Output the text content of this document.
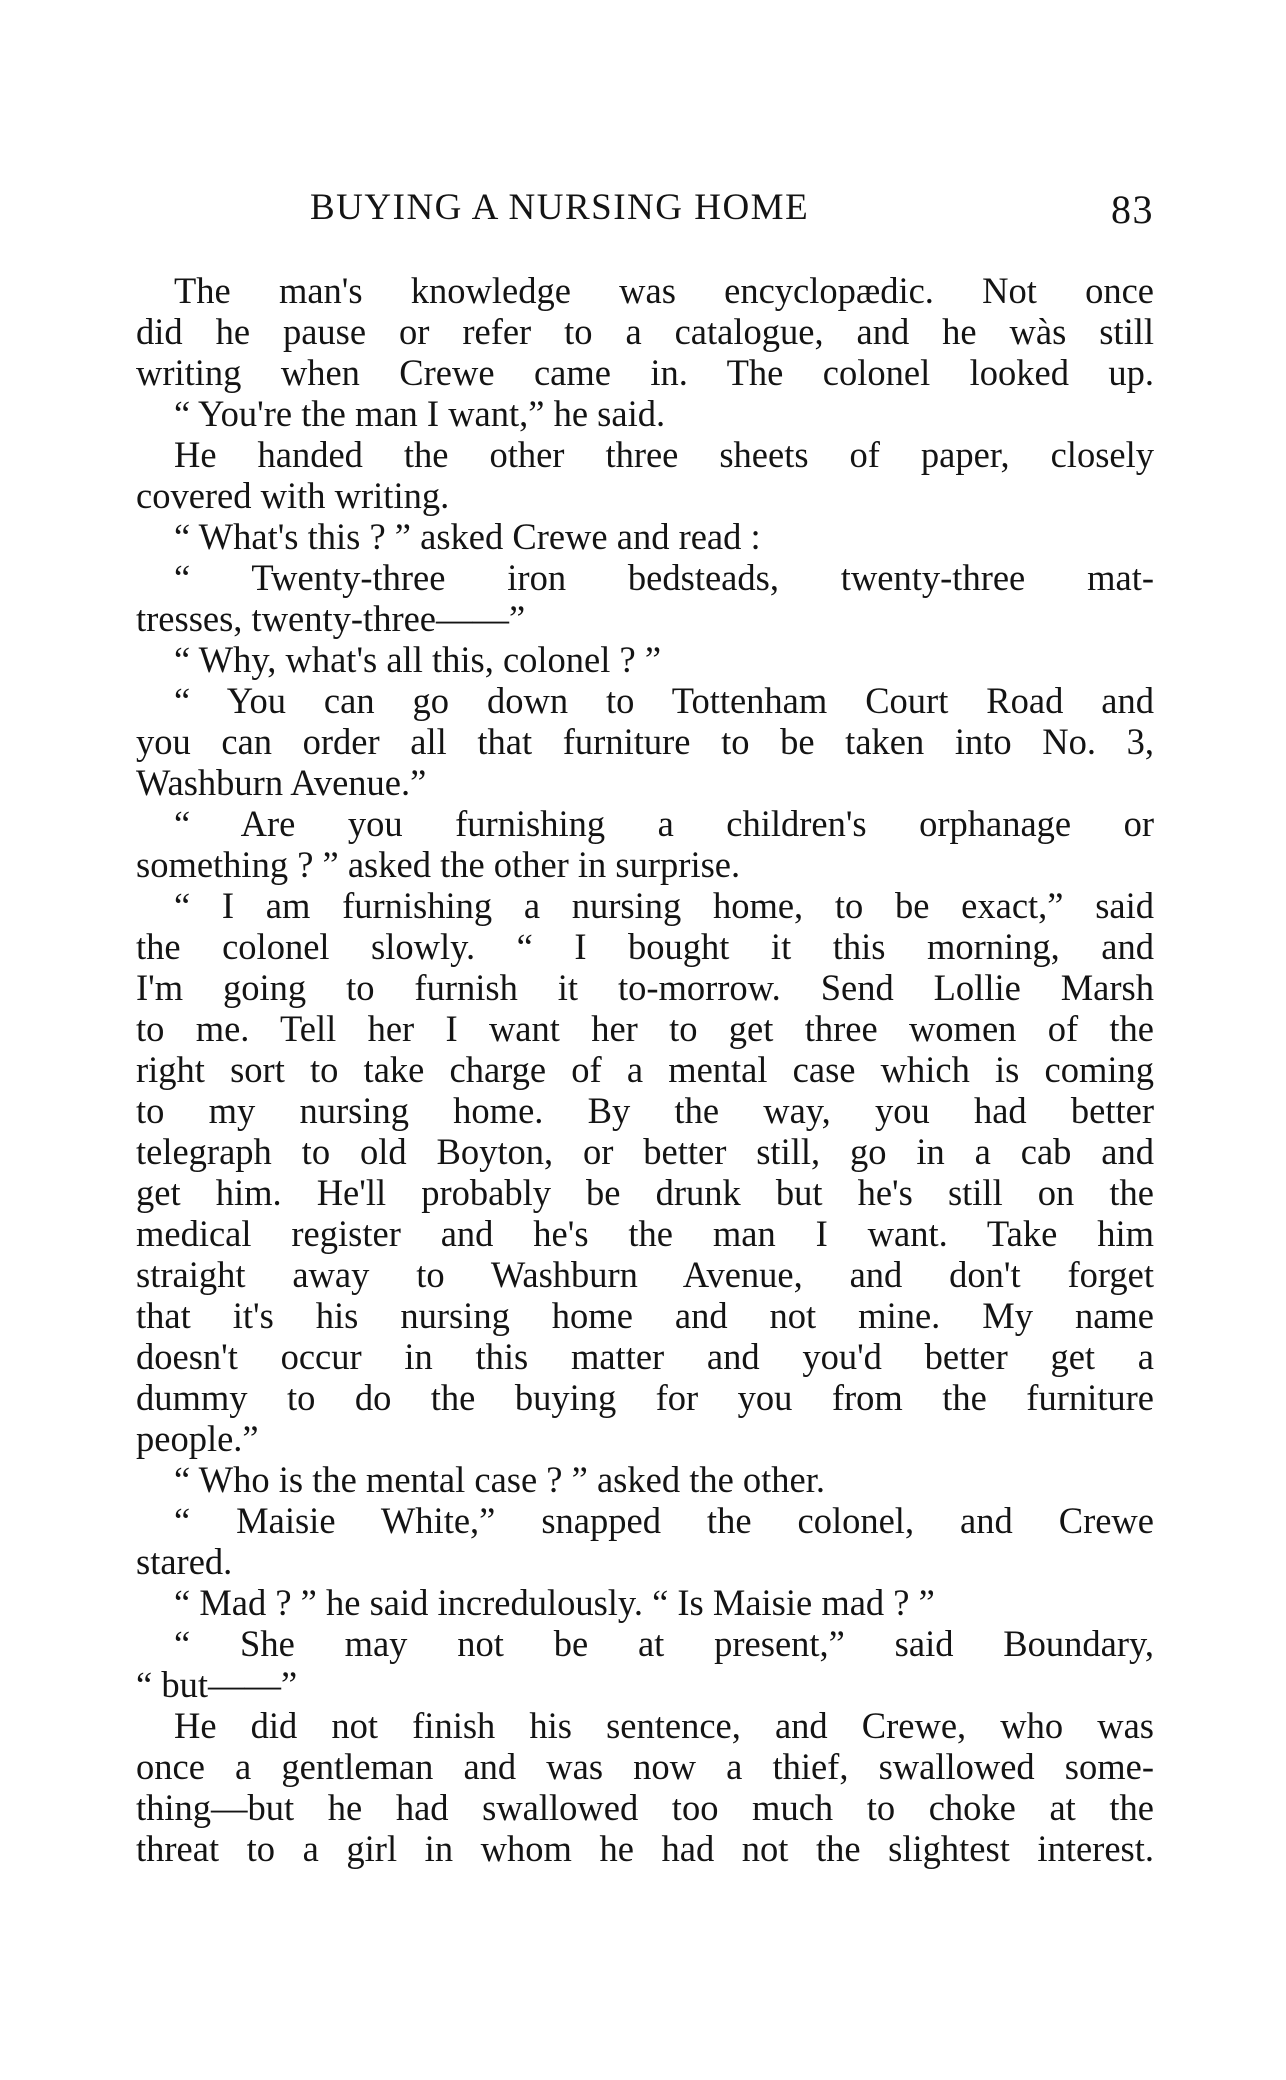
BUYING A NURSING HOME	83
The man's knowledge was encyclopædic. Not once
did he pause or refer to a catalogue, and he wàs still
writing when Crewe came in. The colonel looked up.
“ You're the man I want,” he said.
He handed the other three sheets of paper, closely
covered with writing.
“ What's this ? ” asked Crewe and read :
“ Twenty-three iron bedsteads, twenty-three mat-
tresses, twenty-three——”
“ Why, what's all this, colonel ? ”
“ You can go down to Tottenham Court Road and
you can order all that furniture to be taken into No. 3,
Washburn Avenue.”
“ Are you furnishing a children's orphanage or
something ? ” asked the other in surprise.
“ I am furnishing a nursing home, to be exact,” said
the colonel slowly. “ I bought it this morning, and
I'm going to furnish it to-morrow. Send Lollie Marsh
to me. Tell her I want her to get three women of the
right sort to take charge of a mental case which is coming
to my nursing home. By the way, you had better
telegraph to old Boyton, or better still, go in a cab and
get him. He'll probably be drunk but he's still on the
medical register and he's the man I want. Take him
straight away to Washburn Avenue, and don't forget
that it's his nursing home and not mine. My name
doesn't occur in this matter and you'd better get a
dummy to do the buying for you from the furniture
people.”
“ Who is the mental case ? ” asked the other.
“ Maisie White,” snapped the colonel, and Crewe
stared.
“ Mad ? ” he said incredulously. “ Is Maisie mad ? ”
“ She may not be at present,” said Boundary,
“ but——”
He did not finish his sentence, and Crewe, who was
once a gentleman and was now a thief, swallowed some-
thing—but he had swallowed too much to choke at the
threat to a girl in whom he had not the slightest interest.
